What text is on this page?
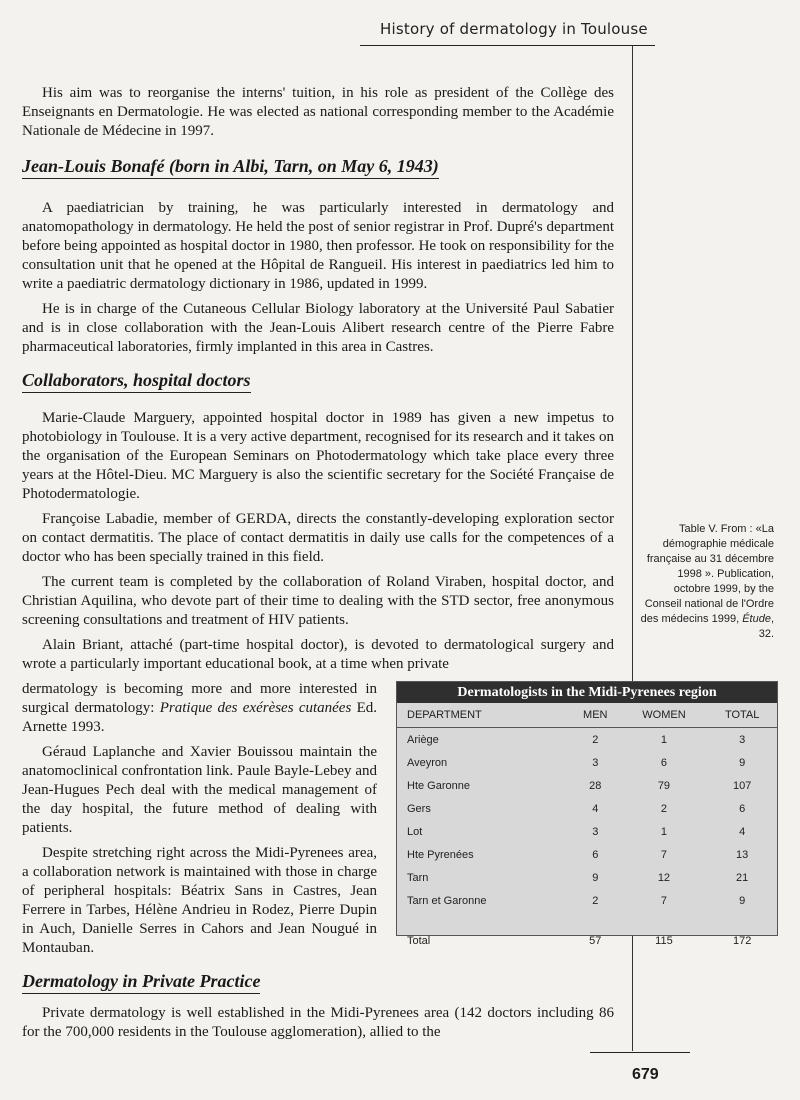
History of dermatology in Toulouse

His aim was to reorganise the interns' tuition, in his role as president of the Collège des Enseignants en Dermatologie. He was elected as national corresponding member to the Académie Nationale de Médecine in 1997.

Jean-Louis Bonafé (born in Albi, Tarn, on May 6, 1943)

A paediatrician by training, he was particularly interested in dermatology and anatomopathology in dermatology. He held the post of senior registrar in Prof. Dupré's department before being appointed as hospital doctor in 1980, then professor. He took on responsibility for the consultation unit that he opened at the Hôpital de Rangueil. His interest in paediatrics led him to write a paediatric dermatology dictionary in 1986, updated in 1999.

He is in charge of the Cutaneous Cellular Biology laboratory at the Université Paul Sabatier and is in close collaboration with the Jean-Louis Alibert research centre of the Pierre Fabre pharmaceutical laboratories, firmly implanted in this area in Castres.

Collaborators, hospital doctors

Marie-Claude Marguery, appointed hospital doctor in 1989 has given a new impetus to photobiology in Toulouse. It is a very active department, recognised for its research and it takes on the organisation of the European Seminars on Photodermatology which take place every three years at the Hôtel-Dieu. MC Marguery is also the scientific secretary for the Société Française de Photodermatologie.

Françoise Labadie, member of GERDA, directs the constantly-developing exploration sector on contact dermatitis. The place of contact dermatitis in daily use calls for the competences of a doctor who has been specially trained in this field.

The current team is completed by the collaboration of Roland Viraben, hospital doctor, and Christian Aquilina, who devote part of their time to dealing with the STD sector, free anonymous screening consultations and treatment of HIV patients.

Alain Briant, attaché (part-time hospital doctor), is devoted to dermatological surgery and wrote a particularly important educational book, at a time when private

dermatology is becoming more and more interested in surgical dermatology: Pratique des exérèses cutanées Ed. Arnette 1993.

Géraud Laplanche and Xavier Bouissou maintain the anatomoclinical confrontation link. Paule Bayle-Lebey and Jean-Hugues Pech deal with the medical management of the day hospital, the future method of dealing with patients.

Despite stretching right across the Midi-Pyrenees area, a collaboration network is maintained with those in charge of peripheral hospitals: Béatrix Sans in Castres, Jean Ferrere in Tarbes, Hélène Andrieu in Rodez, Pierre Dupin in Auch, Danielle Serres in Cahors and Jean Nougué in Montauban.

Dermatology in Private Practice

Private dermatology is well established in the Midi-Pyrenees area (142 doctors including 86 for the 700,000 residents in the Toulouse agglomeration), allied to the

Table V. From : «La démographie médicale française au 31 décembre 1998 ». Publication, octobre 1999, by the Conseil national de l'Ordre des médecins 1999, Étude, 32.
Dermatologists in the Midi-Pyrenees region
DEPARTMENT	MEN	WOMEN	TOTAL
Ariège	2	1	3
Aveyron	3	6	9
Hte Garonne	28	79	107
Gers	4	2	6
Lot	3	1	4
Hte Pyrenées	6	7	13
Tarn	9	12	21
Tarn et Garonne	2	7	9
Total	57	115	172
679
